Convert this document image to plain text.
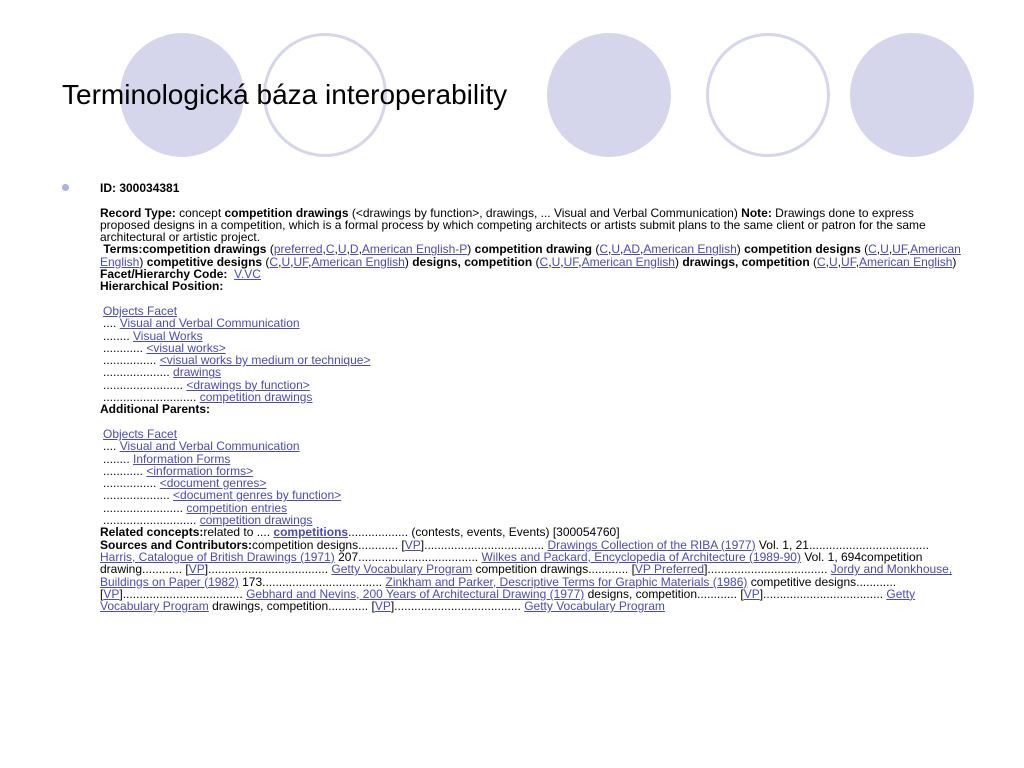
Terminologická báza interoperability
ID: 300034381
Record Type: concept competition drawings (<drawings by function>, drawings, ... Visual and Verbal Communication) Note: Drawings done to express proposed designs in a competition, which is a formal process by which competing architects or artists submit plans to the same client or patron for the same architectural or artistic project.
Terms:competition drawings (preferred,C,U,D,American English-P) competition drawing (C,U,AD,American English) competition designs (C,U,UF,American English) competitive designs (C,U,UF,American English) designs, competition (C,U,UF,American English) drawings, competition (C,U,UF,American English)
Facet/Hierarchy Code: V.VC
Hierarchical Position:
Objects Facet
.... Visual and Verbal Communication
........ Visual Works
............ <visual works>
................ <visual works by medium or technique>
.................... drawings
........................ <drawings by function>
............................ competition drawings
Additional Parents:
Objects Facet
.... Visual and Verbal Communication
........ Information Forms
............ <information forms>
................ <document genres>
.................... <document genres by function>
........................ competition entries
............................ competition drawings
Related concepts:related to .... competitions.................. (contests, events, Events) [300054760]
Sources and Contributors:competition designs............ [VP].................................... Drawings Collection of the RIBA (1977) Vol. 1, 21.................................... Harris, Catalogue of British Drawings (1971) 207.................................... Wilkes and Packard, Encyclopedia of Architecture (1989-90) Vol. 1, 694competition drawing............ [VP].................................... Getty Vocabulary Program competition drawings............ [VP Preferred].................................... Jordy and Monkhouse, Buildings on Paper (1982) 173.................................... Zinkham and Parker, Descriptive Terms for Graphic Materials (1986) competitive designs............ [VP].................................... Gebhard and Nevins, 200 Years of Architectural Drawing (1977) designs, competition............ [VP].................................... Getty Vocabulary Program drawings, competition............ [VP]...................................... Getty Vocabulary Program
